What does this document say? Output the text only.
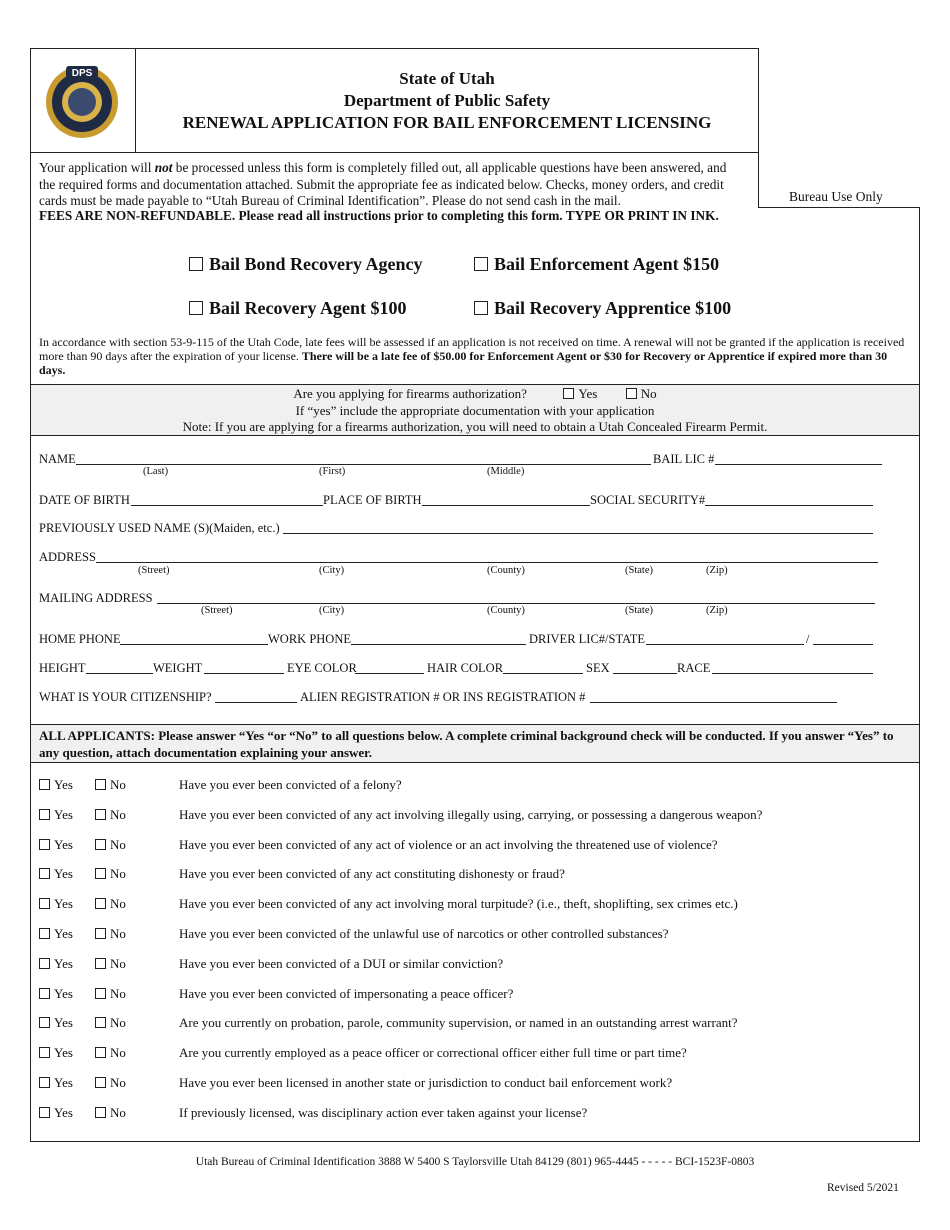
DPS	State of Utah
Department of Public Safety
RENEWAL APPLICATION FOR BAIL ENFORCEMENT LICENSING
Your application will not be processed unless this form is completely filled out, all applicable questions have been answered, and the required forms and documentation attached. Submit the appropriate fee as indicated below. Checks, money orders, and credit cards must be made payable to “Utah Bureau of Criminal Identification”. Please do not send cash in the mail.	Bureau Use Only
FEES ARE NON-REFUNDABLE. Please read all instructions prior to completing this form. TYPE OR PRINT IN INK.
Bail Bond Recovery Agency	Bail Enforcement Agent $150
Bail Recovery Agent $100	Bail Recovery Apprentice $100
In accordance with section 53-9-115 of the Utah Code, late fees will be assessed if an application is not received on time. A renewal will not be granted if the application is received more than 90 days after the expiration of your license. There will be a late fee of $50.00 for Enforcement Agent or $30 for Recovery or Apprentice if expired more than 30 days.
Are you applying for firearms authorization?	Yes	No
If “yes” include the appropriate documentation with your application
Note: If you are applying for a firearms authorization, you will need to obtain a Utah Concealed Firearm Permit.
NAME	BAIL LIC #
(Last)	(First)	(Middle)
DATE OF BIRTH	PLACE OF BIRTH	SOCIAL SECURITY#
PREVIOUSLY USED NAME (S)(Maiden, etc.)
ADDRESS
(Street)	(City)	(County)	(State)	(Zip)
MAILING ADDRESS
(Street)	(City)	(County)	(State)	(Zip)
HOME PHONE	WORK PHONE	DRIVER LIC#/STATE	/
HEIGHT	WEIGHT	EYE COLOR	HAIR COLOR	SEX	RACE
WHAT IS YOUR CITIZENSHIP?	ALIEN REGISTRATION # OR INS REGISTRATION #
ALL APPLICANTS: Please answer “Yes “or “No” to all questions below. A complete criminal background check will be conducted. If you answer “Yes” to any question, attach documentation explaining your answer.
Yes	No	Have you ever been convicted of a felony?
Yes	No	Have you ever been convicted of any act involving illegally using, carrying, or possessing a dangerous weapon?
Yes	No	Have you ever been convicted of any act of violence or an act involving the threatened use of violence?
Yes	No	Have you ever been convicted of any act constituting dishonesty or fraud?
Yes	No	Have you ever been convicted of any act involving moral turpitude? (i.e., theft, shoplifting, sex crimes etc.)
Yes	No	Have you ever been convicted of the unlawful use of narcotics or other controlled substances?
Yes	No	Have you ever been convicted of a DUI or similar conviction?
Yes	No	Have you ever been convicted of impersonating a peace officer?
Yes	No	Are you currently on probation, parole, community supervision, or named in an outstanding arrest warrant?
Yes	No	Are you currently employed as a peace officer or correctional officer either full time or part time?
Yes	No	Have you ever been licensed in another state or jurisdiction to conduct bail enforcement work?
Yes	No	If previously licensed, was disciplinary action ever taken against your license?
Utah Bureau of Criminal Identification 3888 W 5400 S Taylorsville Utah 84129 (801) 965-4445 - - - - - BCI-1523F-0803
Revised 5/2021
